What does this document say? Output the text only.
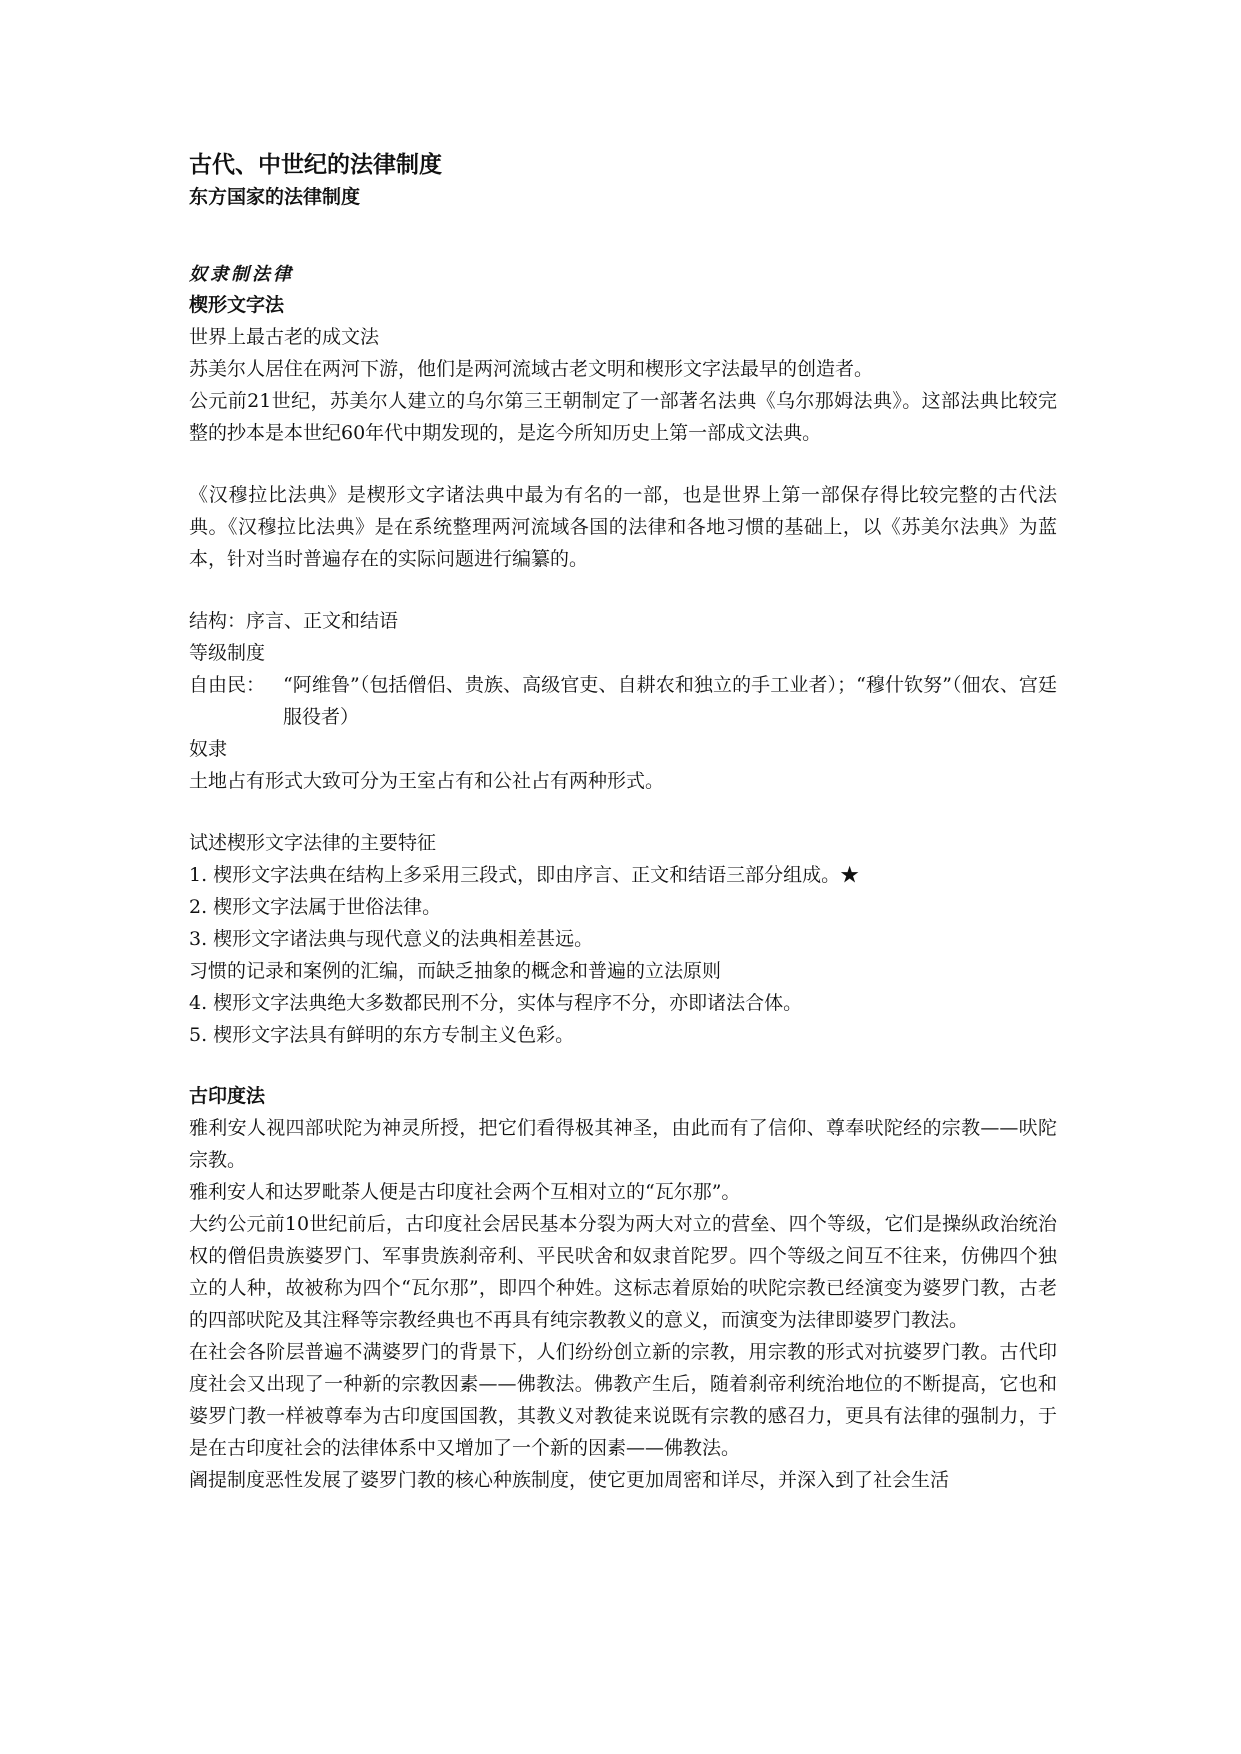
古代、中世纪的法律制度
东方国家的法律制度
奴隶制法律
楔形文字法
世界上最古老的成文法
苏美尔人居住在两河下游，他们是两河流域古老文明和楔形文字法最早的创造者。
公元前21世纪，苏美尔人建立的乌尔第三王朝制定了一部著名法典《乌尔那姆法典》。这部法典比较完整的抄本是本世纪60年代中期发现的，是迄今所知历史上第一部成文法典。
《汉穆拉比法典》是楔形文字诸法典中最为有名的一部，也是世界上第一部保存得比较完整的古代法典。《汉穆拉比法典》是在系统整理两河流域各国的法律和各地习惯的基础上，以《苏美尔法典》为蓝本，针对当时普遍存在的实际问题进行编纂的。
结构：序言、正文和结语
等级制度
自由民： “阿维鲁”（包括僧侣、贵族、高级官吏、自耕农和独立的手工业者）；“穆什钦努”（佃农、宫廷服役者）
奴隶
土地占有形式大致可分为王室占有和公社占有两种形式。
试述楔形文字法律的主要特征
1. 楔形文字法典在结构上多采用三段式，即由序言、正文和结语三部分组成。★
2. 楔形文字法属于世俗法律。
3. 楔形文字诸法典与现代意义的法典相差甚远。
习惯的记录和案例的汇编，而缺乏抽象的概念和普遍的立法原则
4. 楔形文字法典绝大多数都民刑不分，实体与程序不分，亦即诸法合体。
5. 楔形文字法具有鲜明的东方专制主义色彩。
古印度法
雅利安人视四部吠陀为神灵所授，把它们看得极其神圣，由此而有了信仰、尊奉吠陀经的宗教——吠陀宗教。
雅利安人和达罗毗荼人便是古印度社会两个互相对立的“瓦尔那”。
大约公元前10世纪前后，古印度社会居民基本分裂为两大对立的营垒、四个等级，它们是操纵政治统治权的僧侣贵族婆罗门、军事贵族刹帝利、平民吠舍和奴隶首陀罗。四个等级之间互不往来，仿佛四个独立的人种，故被称为四个“瓦尔那”，即四个种姓。这标志着原始的吠陀宗教已经演变为婆罗门教，古老的四部吠陀及其注释等宗教经典也不再具有纯宗教教义的意义，而演变为法律即婆罗门教法。
在社会各阶层普遍不满婆罗门的背景下，人们纷纷创立新的宗教，用宗教的形式对抗婆罗门教。古代印度社会又出现了一种新的宗教因素——佛教法。佛教产生后，随着刹帝利统治地位的不断提高，它也和婆罗门教一样被尊奉为古印度国国教，其教义对教徒来说既有宗教的感召力，更具有法律的强制力，于是在古印度社会的法律体系中又增加了一个新的因素——佛教法。
阇提制度恶性发展了婆罗门教的核心种族制度，使它更加周密和详尽，并深入到了社会生活
